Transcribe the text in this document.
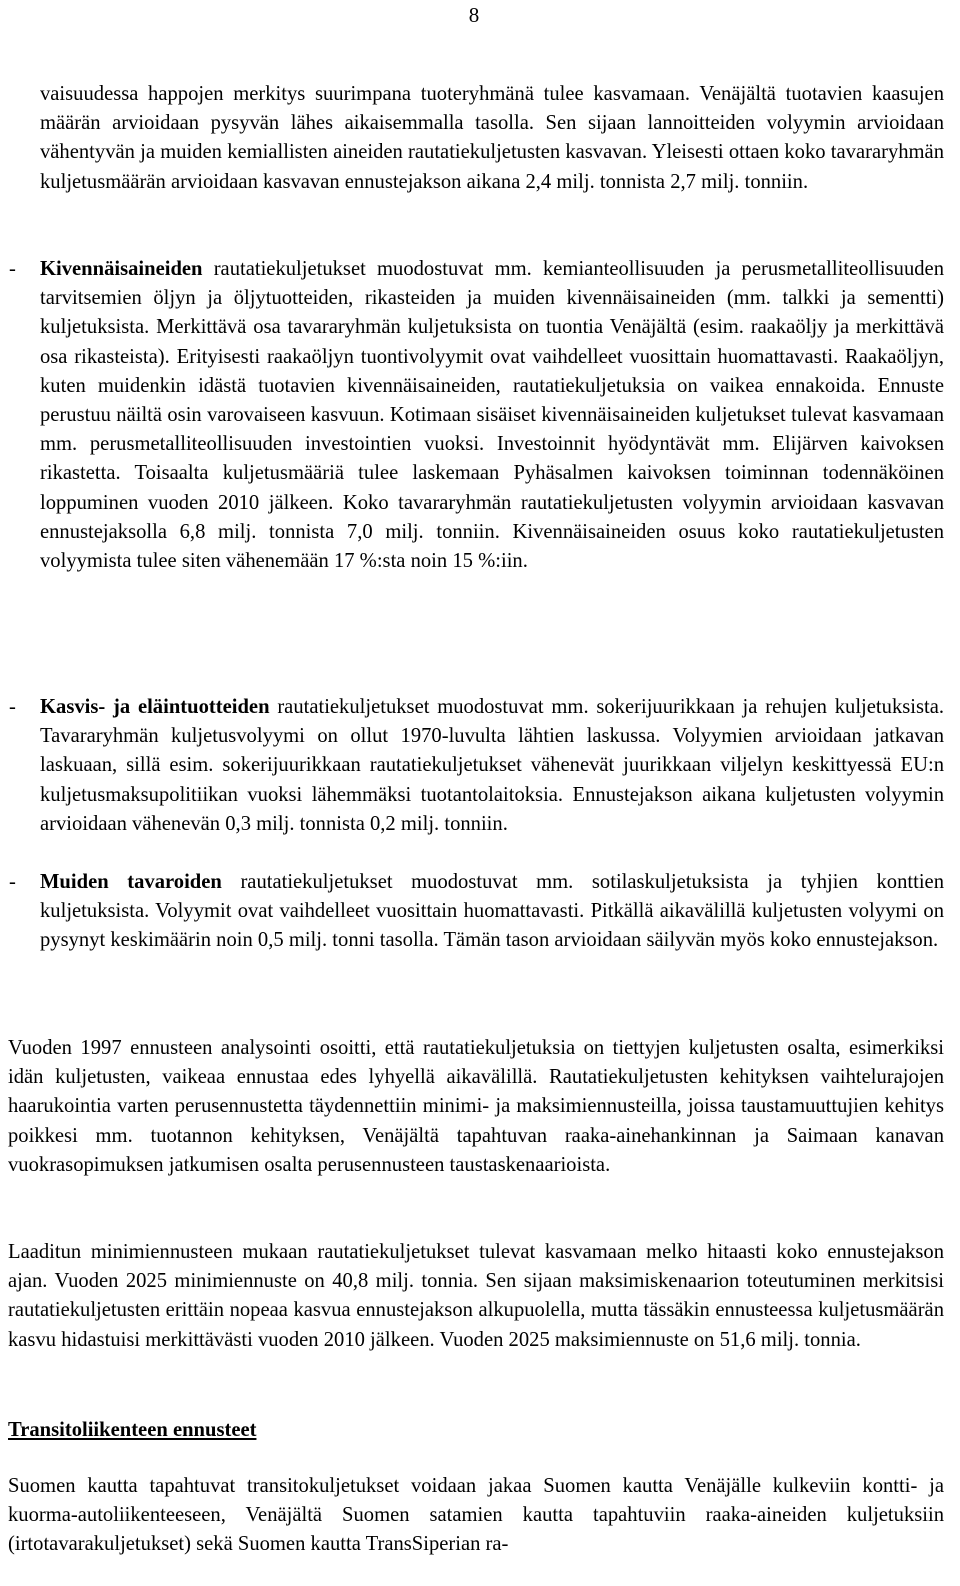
8

vaisuudessa happojen merkitys suurimpana tuoteryhmänä tulee kasvamaan. Venäjältä tuotavien kaasujen määrän arvioidaan pysyvän lähes aikaisemmalla tasolla. Sen sijaan lannoitteiden volyymin arvioidaan vähentyvän ja muiden kemiallisten aineiden rautatiekuljetusten kasvavan. Yleisesti ottaen koko tavararyhmän kuljetusmäärän arvioidaan kasvavan ennustejakson aikana 2,4 milj. tonnista 2,7 milj. tonniin.

- Kivennäisaineiden rautatiekuljetukset muodostuvat mm. kemianteollisuuden ja perusmetalliteollisuuden tarvitsemien öljyn ja öljytuotteiden, rikasteiden ja muiden kivennäisaineiden (mm. talkki ja sementti) kuljetuksista. Merkittävä osa tavararyhmän kuljetuksista on tuontia Venäjältä (esim. raakaöljy ja merkittävä osa rikasteista). Erityisesti raakaöljyn tuontivolyymit ovat vaihdelleet vuosittain huomattavasti. Raakaöljyn, kuten muidenkin idästä tuotavien kivennäisaineiden, rautatiekuljetuksia on vaikea ennakoida. Ennuste perustuu näiltä osin varovaiseen kasvuun. Kotimaan sisäiset kivennäisaineiden kuljetukset tulevat kasvamaan mm. perusmetalliteollisuuden investointien vuoksi. Investoinnit hyödyntävät mm. Elijärven kaivoksen rikastetta. Toisaalta kuljetusmääriä tulee laskemaan Pyhäsalmen kaivoksen toiminnan todennäköinen loppuminen vuoden 2010 jälkeen. Koko tavararyhmän rautatiekuljetusten volyymin arvioidaan kasvavan ennustejaksolla 6,8 milj. tonnista 7,0 milj. tonniin. Kivennäisaineiden osuus koko rautatiekuljetusten volyymista tulee siten vähenemään 17 %:sta noin 15 %:iin.

- Kasvis- ja eläintuotteiden rautatiekuljetukset muodostuvat mm. sokerijuurikkaan ja rehujen kuljetuksista. Tavararyhmän kuljetusvolyymi on ollut 1970-luvulta lähtien laskussa. Volyymien arvioidaan jatkavan laskuaan, sillä esim. sokerijuurikkaan rautatiekuljetukset vähenevät juurikkaan viljelyn keskittyessä EU:n kuljetusmaksupolitiikan vuoksi lähemmäksi tuotantolaitoksia. Ennustejakson aikana kuljetusten volyymin arvioidaan vähenevän 0,3 milj. tonnista 0,2 milj. tonniin.

- Muiden tavaroiden rautatiekuljetukset muodostuvat mm. sotilaskuljetuksista ja tyhjien konttien kuljetuksista. Volyymit ovat vaihdelleet vuosittain huomattavasti. Pitkällä aikavälillä kuljetusten volyymi on pysynyt keskimäärin noin 0,5 milj. tonni tasolla. Tämän tason arvioidaan säilyvän myös koko ennustejakson.

Vuoden 1997 ennusteen analysointi osoitti, että rautatiekuljetuksia on tiettyjen kuljetusten osalta, esimerkiksi idän kuljetusten, vaikeaa ennustaa edes lyhyellä aikavälillä. Rautatiekuljetusten kehityksen vaihtelurajojen haarukointia varten perusennustetta täydennettiin minimi- ja maksimiennusteilla, joissa taustamuuttujien kehitys poikkesi mm. tuotannon kehityksen, Venäjältä tapahtuvan raaka-ainehankinnan ja Saimaan kanavan vuokrasopimuksen jatkumisen osalta perusennusteen taustaskenaarioista.

Laaditun minimiennusteen mukaan rautatiekuljetukset tulevat kasvamaan melko hitaasti koko ennustejakson ajan. Vuoden 2025 minimiennuste on 40,8 milj. tonnia. Sen sijaan maksimiskenaarion toteutuminen merkitsisi rautatiekuljetusten erittäin nopeaa kasvua ennustejakson alkupuolella, mutta tässäkin ennusteessa kuljetusmäärän kasvu hidastuisi merkittävästi vuoden 2010 jälkeen. Vuoden 2025 maksimiennuste on 51,6 milj. tonnia.

Transitoliikenteen ennusteet

Suomen kautta tapahtuvat transitokuljetukset voidaan jakaa Suomen kautta Venäjälle kulkeviin kontti- ja kuorma-autoliikenteeseen, Venäjältä Suomen satamien kautta tapahtuviin raaka-aineiden kuljetuksiin (irtotavarakuljetukset) sekä Suomen kautta TransSiperian ra-
